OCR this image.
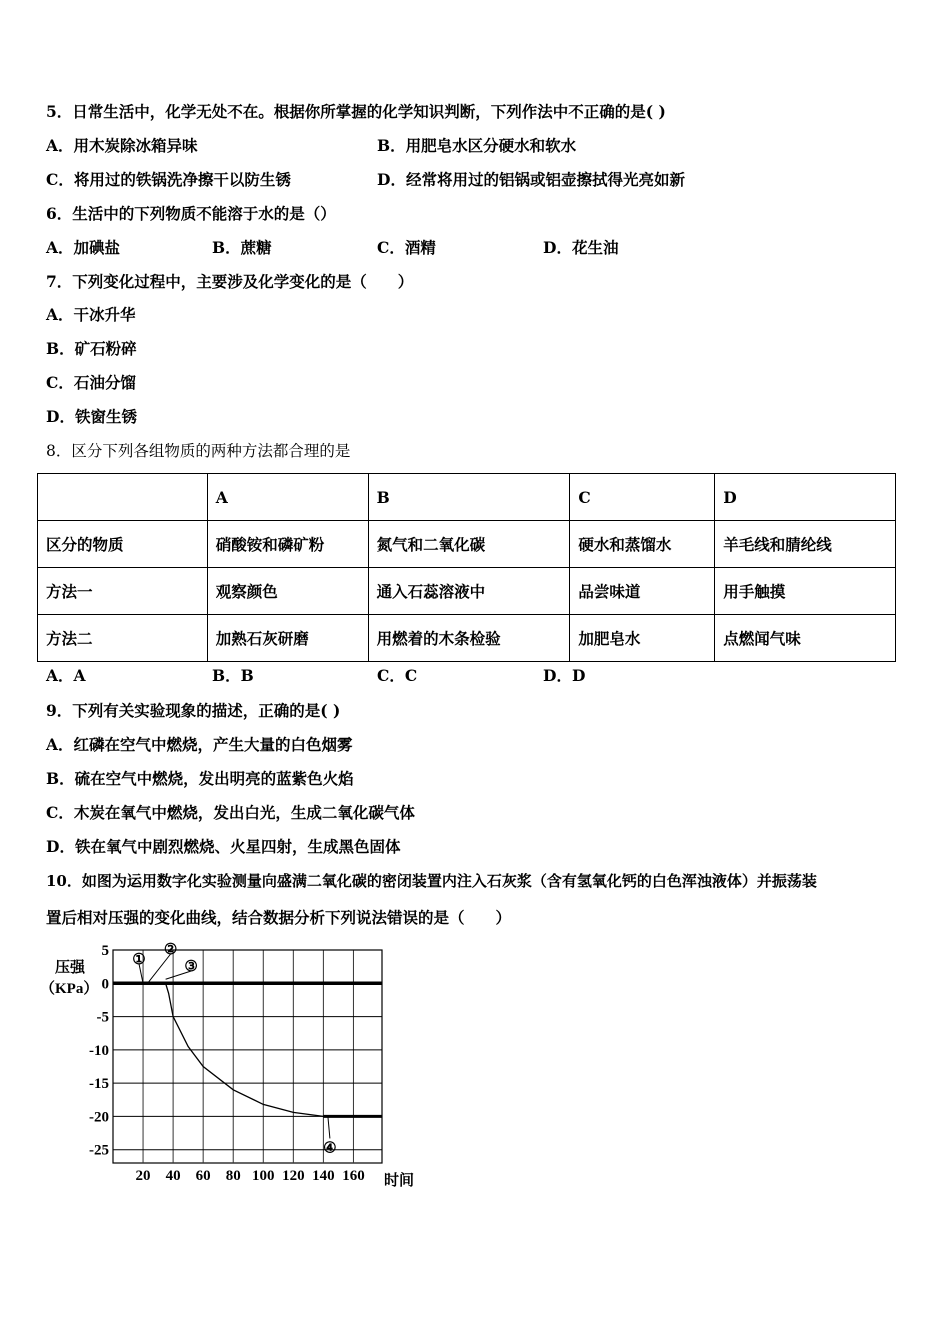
5．日常生活中，化学无处不在。根据你所掌握的化学知识判断，下列作法中不正确的是( )
A．用木炭除冰箱异味	B．用肥皂水区分硬水和软水
C．将用过的铁锅洗净擦干以防生锈	D．经常将用过的铝锅或铝壶擦拭得光亮如新
6．生活中的下列物质不能溶于水的是（）
A．加碘盐	B．蔗糖	C．酒精	D．花生油
7．下列变化过程中，主要涉及化学变化的是（　　）
A．干冰升华
B．矿石粉碎
C．石油分馏
D．铁窗生锈
8．区分下列各组物质的两种方法都合理的是
	A	B	C	D
区分的物质	硝酸铵和磷矿粉	氮气和二氧化碳	硬水和蒸馏水	羊毛线和腈纶线
方法一	观察颜色	通入石蕊溶液中	品尝味道	用手触摸
方法二	加熟石灰研磨	用燃着的木条检验	加肥皂水	点燃闻气味
A．A	B．B	C．C	D．D
9．下列有关实验现象的描述，正确的是( )
A．红磷在空气中燃烧，产生大量的白色烟雾
B．硫在空气中燃烧，发出明亮的蓝紫色火焰
C．木炭在氧气中燃烧，发出白光，生成二氧化碳气体
D．铁在氧气中剧烈燃烧、火星四射，生成黑色固体
10．如图为运用数字化实验测量向盛满二氧化碳的密闭装置内注入石灰浆（含有氢氧化钙的白色浑浊液体）并振荡装
置后相对压强的变化曲线，结合数据分析下列说法错误的是（　　）
20 40 60 80 100 120 140 160
5
0
-5
-10
-15
-20
-25
压强
（KPa）
时间
①
②
③
④
